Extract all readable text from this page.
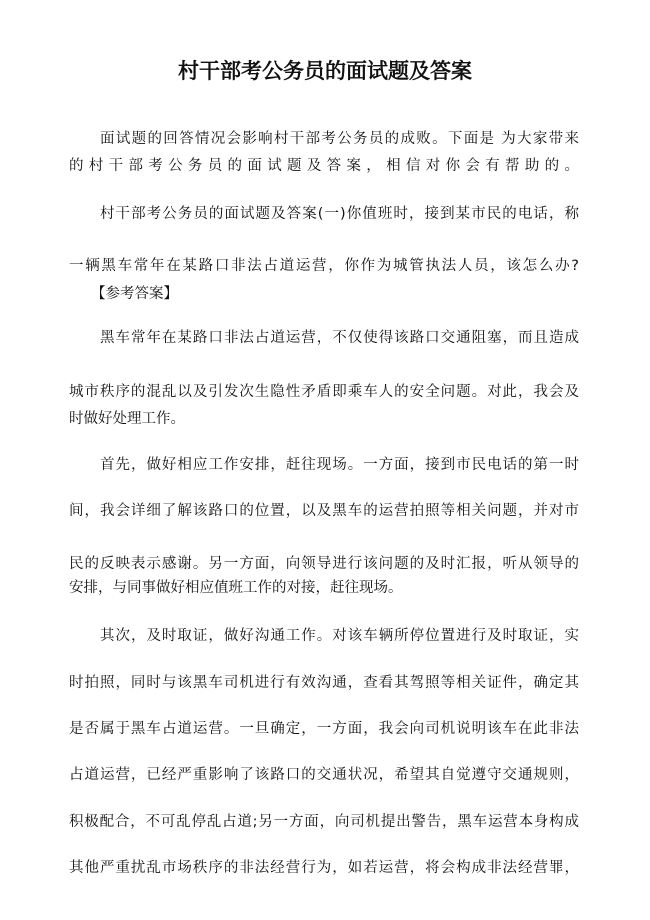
村干部考公务员的面试题及答案
面试题的回答情况会影响村干部考公务员的成败。下面是 为大家带来
的村干部考公务员的面试题及答案，相信对你会有帮助的。
村干部考公务员的面试题及答案(一)你值班时，接到某市民的电话，称
一辆黑车常年在某路口非法占道运营，你作为城管执法人员，该怎么办?
【参考答案】
黑车常年在某路口非法占道运营，不仅使得该路口交通阻塞，而且造成
城市秩序的混乱以及引发次生隐性矛盾即乘车人的安全问题。对此，我会及
时做好处理工作。
首先，做好相应工作安排，赶往现场。一方面，接到市民电话的第一时
间，我会详细了解该路口的位置，以及黑车的运营拍照等相关问题，并对市
民的反映表示感谢。另一方面，向领导进行该问题的及时汇报，听从领导的
安排，与同事做好相应值班工作的对接，赶往现场。
其次，及时取证，做好沟通工作。对该车辆所停位置进行及时取证，实
时拍照，同时与该黑车司机进行有效沟通，查看其驾照等相关证件，确定其
是否属于黑车占道运营。一旦确定，一方面，我会向司机说明该车在此非法
占道运营，已经严重影响了该路口的交通状况，希望其自觉遵守交通规则，
积极配合，不可乱停乱占道;另一方面，向司机提出警告，黑车运营本身构成
其他严重扰乱市场秩序的非法经营行为，如若运营，将会构成非法经营罪，
